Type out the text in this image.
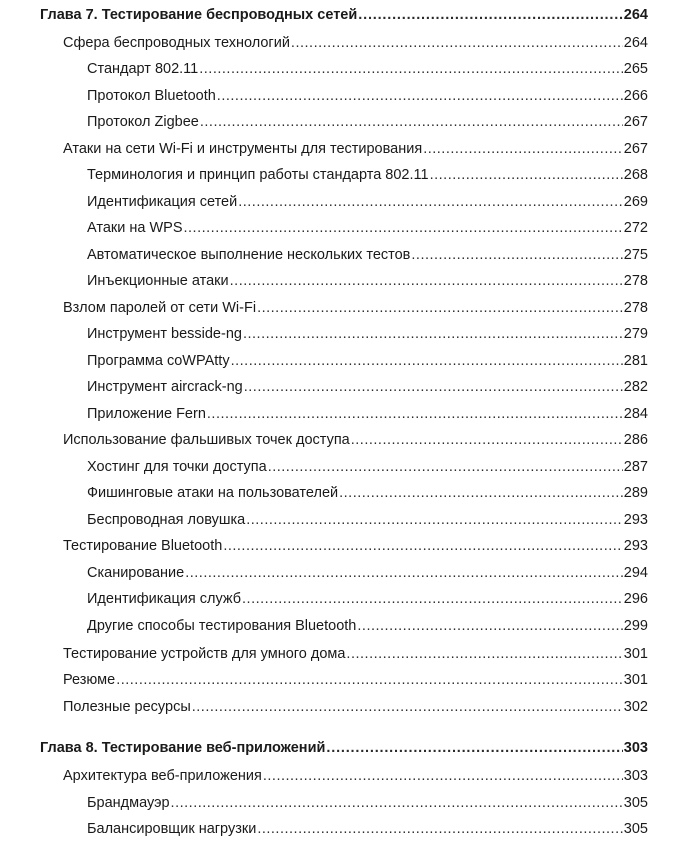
Глава 7. Тестирование беспроводных сетей .....	264
Сфера беспроводных технологий .....	264
Стандарт 802.11 .....	265
Протокол Bluetooth .....	266
Протокол Zigbee .....	267
Атаки на сети Wi-Fi и инструменты для тестирования .....	267
Терминология и принцип работы стандарта 802.11 .....	268
Идентификация сетей .....	269
Атаки на WPS .....	272
Автоматическое выполнение нескольких тестов .....	275
Инъекционные атаки .....	278
Взлом паролей от сети Wi-Fi .....	278
Инструмент besside-ng .....	279
Программа coWPAtty .....	281
Инструмент aircrack-ng .....	282
Приложение Fern .....	284
Использование фальшивых точек доступа .....	286
Хостинг для точки доступа .....	287
Фишинговые атаки на пользователей .....	289
Беспроводная ловушка .....	293
Тестирование Bluetooth .....	293
Сканирование .....	294
Идентификация служб .....	296
Другие способы тестирования Bluetooth .....	299
Тестирование устройств для умного дома .....	301
Резюме .....	301
Полезные ресурсы .....	302
Глава 8. Тестирование веб-приложений .....	303
Архитектура веб-приложения .....	303
Брандмауэр .....	305
Балансировщик нагрузки .....	305
